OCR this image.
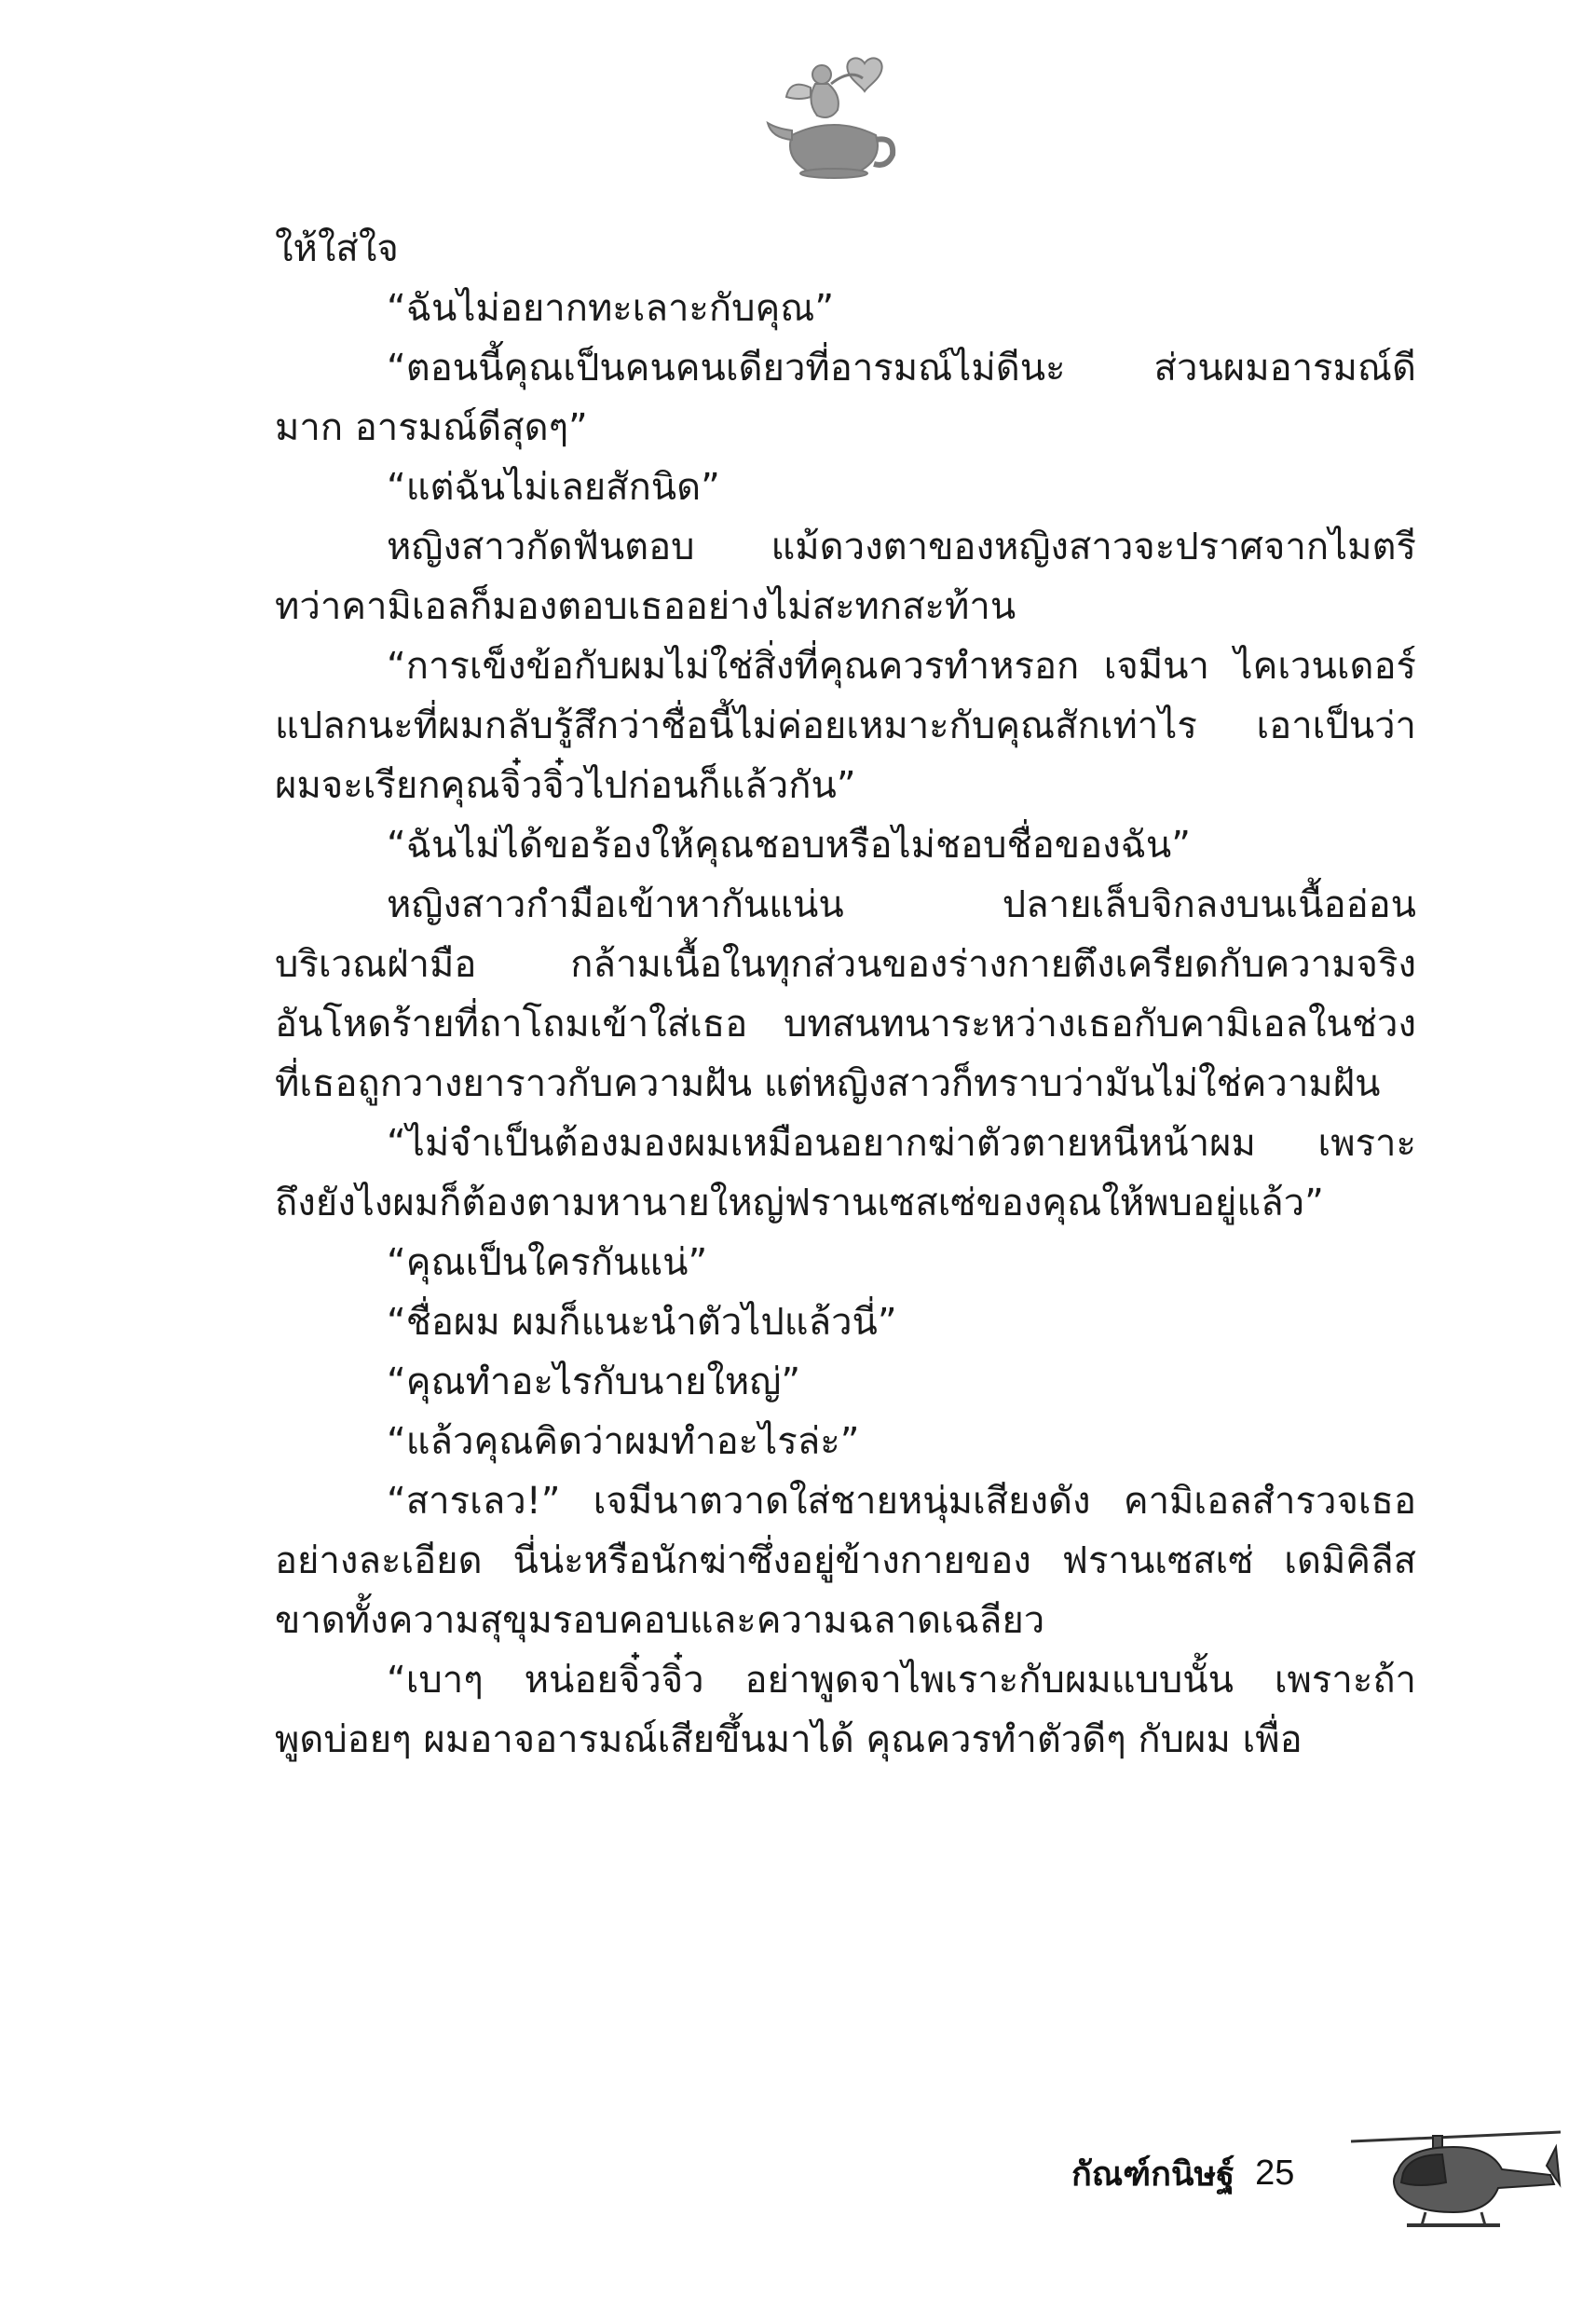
ให้ใส่ใจ
“ฉันไม่อยากทะเลาะกับคุณ”
“ตอนนี้คุณเป็นคนคนเดียวที่อารมณ์ไม่ดีนะ ส่วนผมอารมณ์ดี
มาก อารมณ์ดีสุดๆ”
“แต่ฉันไม่เลยสักนิด”
หญิงสาวกัดฟันตอบ แม้ดวงตาของหญิงสาวจะปราศจากไมตรี
ทว่าคามิเอลก็มองตอบเธออย่างไม่สะทกสะท้าน
“การเข็งข้อกับผมไม่ใช่สิ่งที่คุณควรทำหรอก เจมีนา ไคเวนเดอร์
แปลกนะที่ผมกลับรู้สึกว่าชื่อนี้ไม่ค่อยเหมาะกับคุณสักเท่าไร เอาเป็นว่า
ผมจะเรียกคุณจิ๋วจิ๋วไปก่อนก็แล้วกัน”
“ฉันไม่ได้ขอร้องให้คุณชอบหรือไม่ชอบชื่อของฉัน”
หญิงสาวกำมือเข้าหากันแน่น ปลายเล็บจิกลงบนเนื้ออ่อน
บริเวณฝ่ามือ กล้ามเนื้อในทุกส่วนของร่างกายตึงเครียดกับความจริง
อันโหดร้ายที่ถาโถมเข้าใส่เธอ บทสนทนาระหว่างเธอกับคามิเอลในช่วง
ที่เธอถูกวางยาราวกับความฝัน แต่หญิงสาวก็ทราบว่ามันไม่ใช่ความฝัน
“ไม่จำเป็นต้องมองผมเหมือนอยากฆ่าตัวตายหนีหน้าผม เพราะ
ถึงยังไงผมก็ต้องตามหานายใหญ่ฟรานเซสเซ่ของคุณให้พบอยู่แล้ว”
“คุณเป็นใครกันแน่”
“ชื่อผม ผมก็แนะนำตัวไปแล้วนี่”
“คุณทำอะไรกับนายใหญ่”
“แล้วคุณคิดว่าผมทำอะไรล่ะ”
“สารเลว!” เจมีนาตวาดใส่ชายหนุ่มเสียงดัง คามิเอลสำรวจเธอ
อย่างละเอียด นี่น่ะหรือนักฆ่าซึ่งอยู่ข้างกายของ ฟรานเซสเซ่ เดมิคิลีส
ขาดทั้งความสุขุมรอบคอบและความฉลาดเฉลียว
“เบาๆ หน่อยจิ๋วจิ๋ว อย่าพูดจาไพเราะกับผมแบบนั้น เพราะถ้า
พูดบ่อยๆ ผมอาจอารมณ์เสียขึ้นมาได้ คุณควรทำตัวดีๆ กับผม เพื่อ
กัณฑ์กนิษฐ์ 25
